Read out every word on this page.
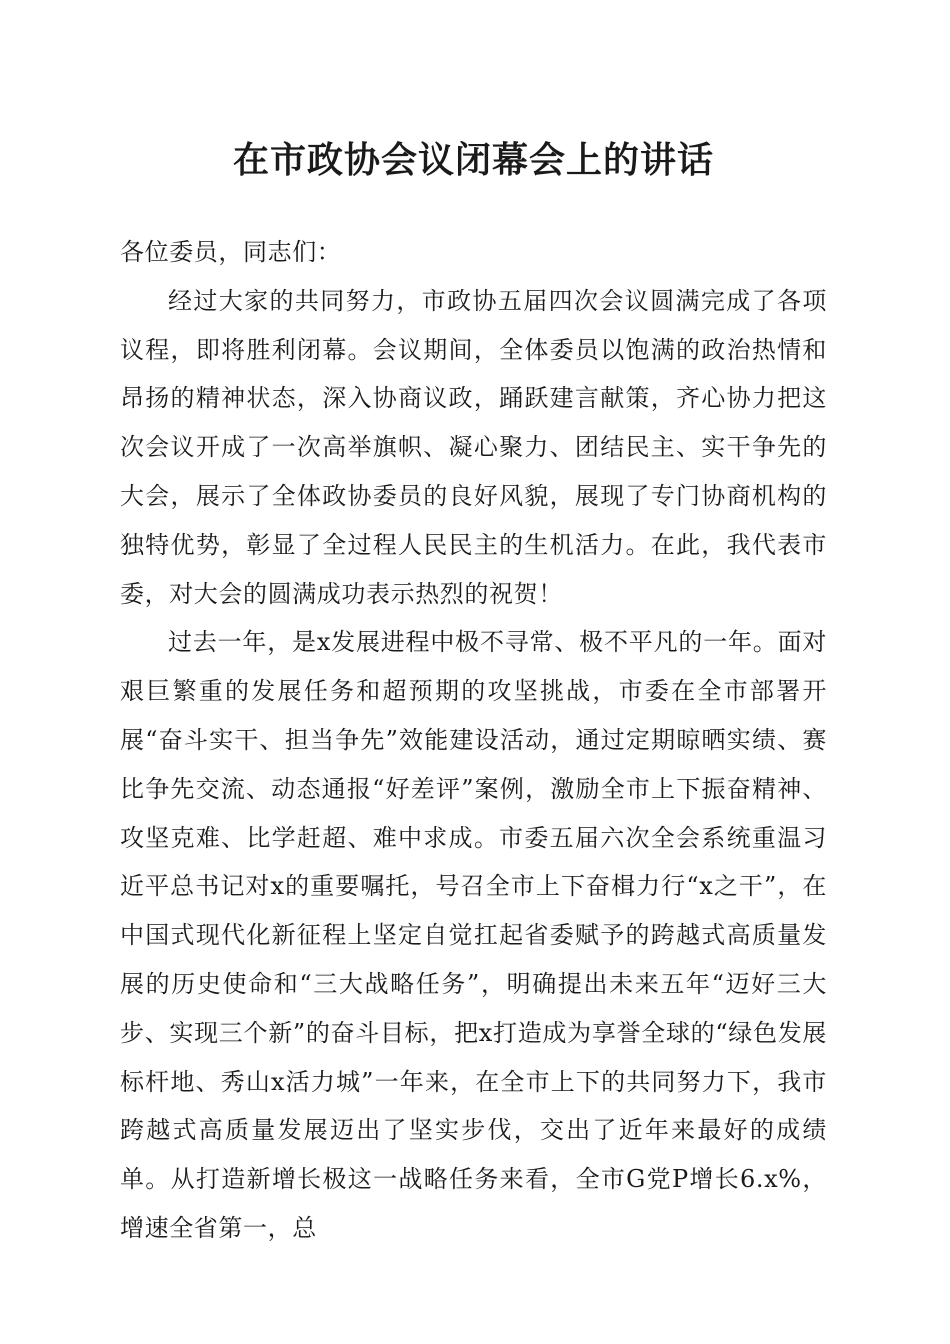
在市政协会议闭幕会上的讲话

各位委员，同志们：

经过大家的共同努力，市政协五届四次会议圆满完成了各项议程，即将胜利闭幕。会议期间，全体委员以饱满的政治热情和昂扬的精神状态，深入协商议政，踊跃建言献策，齐心协力把这次会议开成了一次高举旗帜、凝心聚力、团结民主、实干争先的大会，展示了全体政协委员的良好风貌，展现了专门协商机构的独特优势，彰显了全过程人民民主的生机活力。在此，我代表市委，对大会的圆满成功表示热烈的祝贺！

过去一年，是x发展进程中极不寻常、极不平凡的一年。面对艰巨繁重的发展任务和超预期的攻坚挑战，市委在全市部署开展“奋斗实干、担当争先”效能建设活动，通过定期晾晒实绩、赛比争先交流、动态通报“好差评”案例，激励全市上下振奋精神、攻坚克难、比学赶超、难中求成。市委五届六次全会系统重温习近平总书记对x的重要嘱托，号召全市上下奋楫力行“x之干”，在中国式现代化新征程上坚定自觉扛起省委赋予的跨越式高质量发展的历史使命和“三大战略任务”，明确提出未来五年“迈好三大步、实现三个新”的奋斗目标，把x打造成为享誉全球的“绿色发展标杆地、秀山x活力城”一年来，在全市上下的共同努力下，我市跨越式高质量发展迈出了坚实步伐，交出了近年来最好的成绩单。从打造新增长极这一战略任务来看，全市G党P增长6.x%，增速全省第一，总
